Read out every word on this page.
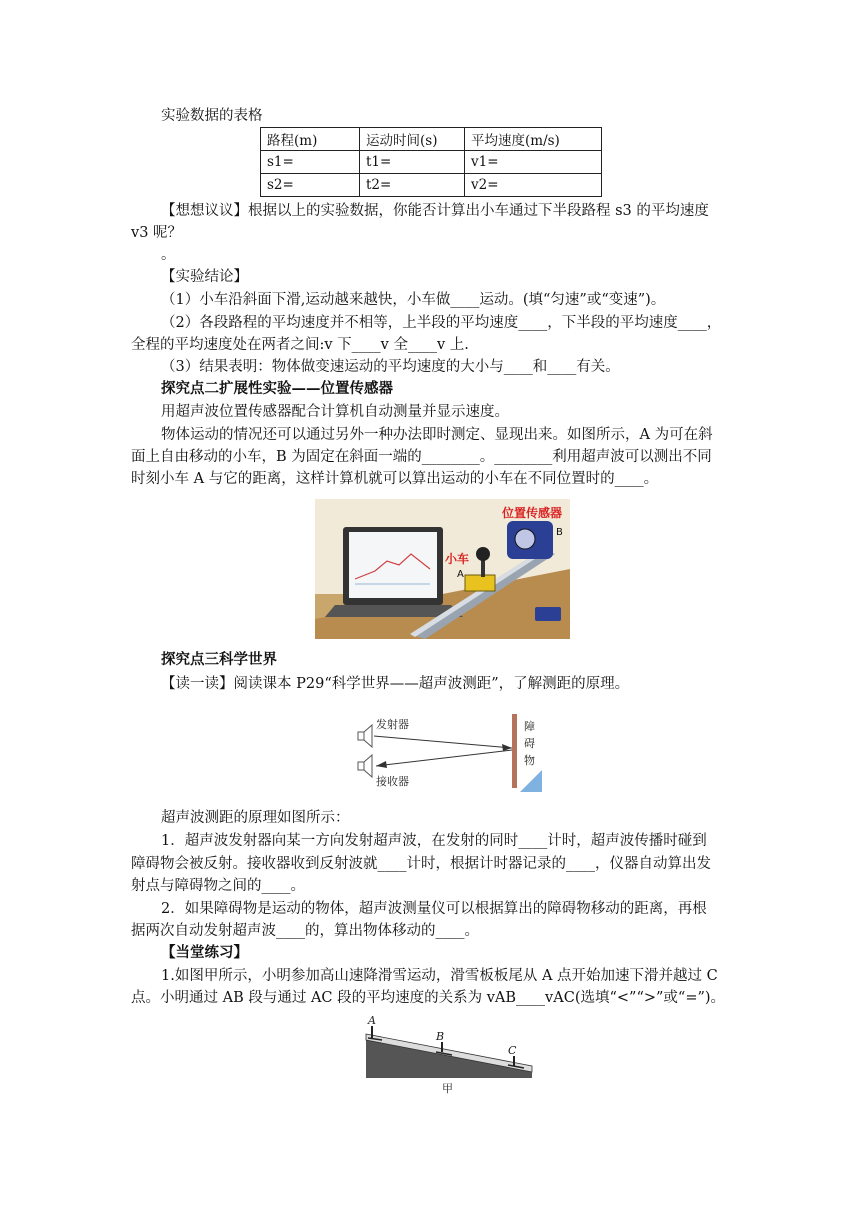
实验数据的表格
路程(m)	运动时间(s)	平均速度(m/s)
s1=	t1=	v1=
s2=	t2=	v2=
【想想议议】根据以上的实验数据，你能否计算出小车通过下半段路程 s3 的平均速度
v3 呢？
。
【实验结论】
（1）小车沿斜面下滑,运动越来越快，小车做____运动。(填“匀速”或“变速”)。
（2）各段路程的平均速度并不相等，上半段的平均速度____，下半段的平均速度____，
全程的平均速度处在两者之间:v 下____v 全____v 上.
（3）结果表明：物体做变速运动的平均速度的大小与____和____有关。
探究点二扩展性实验——位置传感器
用超声波位置传感器配合计算机自动测量并显示速度。
物体运动的情况还可以通过另外一种办法即时测定、显现出来。如图所示，A 为可在斜
面上自由移动的小车，B 为固定在斜面一端的________。________利用超声波可以测出不同
时刻小车 A 与它的距离，这样计算机就可以算出运动的小车在不同位置时的____。
位置传感器
B
小车
A
探究点三科学世界
【读一读】阅读课本 P29“科学世界——超声波测距”，了解测距的原理。
发射器
接收器
障
碍
物
超声波测距的原理如图所示：
1．超声波发射器向某一方向发射超声波，在发射的同时____计时，超声波传播时碰到
障碍物会被反射。接收器收到反射波就____计时，根据计时器记录的____，仪器自动算出发
射点与障碍物之间的____。
2．如果障碍物是运动的物体，超声波测量仪可以根据算出的障碍物移动的距离，再根
据两次自动发射超声波____的，算出物体移动的____。
【当堂练习】
1.如图甲所示，小明参加高山速降滑雪运动，滑雪板板尾从 A 点开始加速下滑并越过 C
点。小明通过 AB 段与通过 AC 段的平均速度的关系为 vAB____vAC(选填“<”“>”或“=”)。
A
B
C
甲
